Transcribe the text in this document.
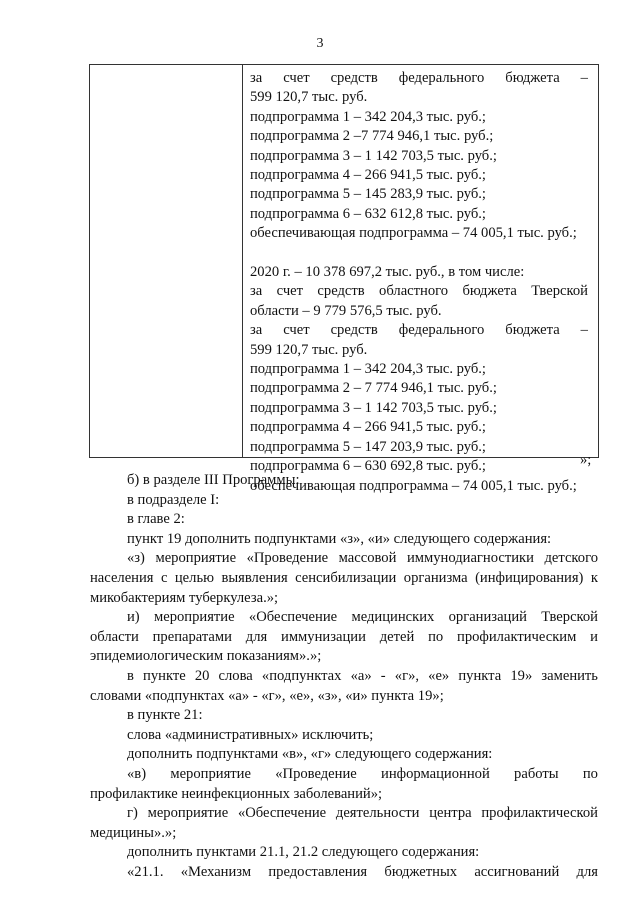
3
за счет средств федерального бюджета –
599 120,7 тыс. руб.
подпрограмма 1 – 342 204,3 тыс. руб.;
подпрограмма 2 –7 774 946,1 тыс. руб.;
подпрограмма 3 – 1 142 703,5 тыс. руб.;
подпрограмма 4 – 266 941,5 тыс. руб.;
подпрограмма 5 – 145 283,9 тыс. руб.;
подпрограмма 6 – 632 612,8 тыс. руб.;
обеспечивающая подпрограмма – 74 005,1 тыс. руб.;
2020 г. – 10 378 697,2 тыс. руб., в том числе:
за счет средств областного бюджета Тверской
области – 9 779 576,5 тыс. руб.
за счет средств федерального бюджета –
599 120,7 тыс. руб.
подпрограмма 1 – 342 204,3 тыс. руб.;
подпрограмма 2 – 7 774 946,1 тыс. руб.;
подпрограмма 3 – 1 142 703,5 тыс. руб.;
подпрограмма 4 – 266 941,5 тыс. руб.;
подпрограмма 5 – 147 203,9 тыс. руб.;
подпрограмма 6 – 630 692,8 тыс. руб.;
обеспечивающая подпрограмма – 74 005,1 тыс. руб.;
»;
б) в разделе III Программы:
в подразделе I:
в главе 2:
пункт 19 дополнить подпунктами «з», «и» следующего содержания:
«з) мероприятие «Проведение массовой иммунодиагностики детского
населения с целью выявления сенсибилизации организма (инфицирования) к
микобактериям туберкулеза.»;
и) мероприятие «Обеспечение медицинских организаций Тверской
области препаратами для иммунизации детей по профилактическим и
эпидемиологическим показаниям».»;
в пункте 20 слова «подпунктах «а» - «г», «е» пункта 19» заменить
словами «подпунктах «а» - «г», «е», «з», «и» пункта 19»;
в пункте 21:
слова «административных» исключить;
дополнить подпунктами «в», «г» следующего содержания:
«в) мероприятие «Проведение информационной работы по
профилактике неинфекционных заболеваний»;
г) мероприятие «Обеспечение деятельности центра профилактической
медицины».»;
дополнить пунктами 21.1, 21.2 следующего содержания:
«21.1. «Механизм предоставления бюджетных ассигнований для
